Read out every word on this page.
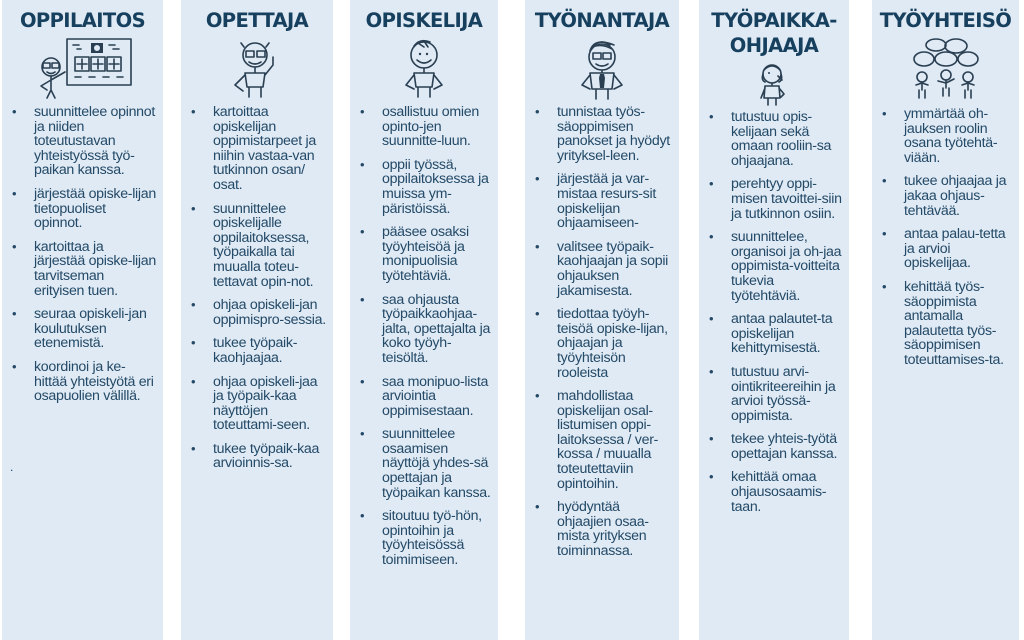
OPPILAITOS
• suunnittelee opinnot ja niiden toteutustavan yhteistyössä työ-paikan kanssa.
• järjestää opiske-lijan tietopuoliset opinnot.
• kartoittaa ja järjestää opiske-lijan tarvitseman erityisen tuen.
• seuraa opiskeli-jan koulutuksen etenemistä.
• koordinoi ja ke-hittää yhteistyötä eri osapuolien välillä.
.
OPETTAJA
• kartoittaa opiskelijan oppimistarpeet ja niihin vastaa-van tutkinnon osan/ osat.
• suunnittelee opiskelijalle oppilaitoksessa, työpaikalla tai muualla toteu-tettavat opin-not.
• ohjaa opiskeli-jan oppimispro-sessia.
• tukee työpaik-kaohjaajaa.
• ohjaa opiskeli-jaa ja työpaik-kaa näyttöjen toteuttami-seen.
• tukee työpaik-kaa arvioinnis-sa.
OPISKELIJA
• osallistuu omien opinto-jen suunnitte-luun.
• oppii työssä, oppilaitoksessa ja muissa ym-päristöissä.
• pääsee osaksi työyhteisöä ja monipuolisia työtehtäviä.
• saa ohjausta työpaikkaohjaa-jalta, opettajalta ja koko työyh-teisöltä.
• saa monipuo-lista arviointia oppimisestaan.
• suunnittelee osaamisen näyttöjä yhdes-sä opettajan ja työpaikan kanssa.
• sitoutuu työ-hön, opintoihin ja työyhteisössä toimimiseen.
TYÖNANTAJA
• tunnistaa työs-säoppimisen panokset ja hyödyt yrityksel-leen.
• järjestää ja var-mistaa resurs-sit opiskelijan ohjaamiseen-
• valitsee työpaik-kaohjaajan ja sopii ohjauksen jakamisesta.
• tiedottaa työyh-teisöä opiske-lijan, ohjaajan ja työyhteisön rooleista
• mahdollistaa opiskelijan osal-listumisen oppi-laitoksessa / ver-kossa / muualla toteutettaviin opintoihin.
• hyödyntää ohjaajien osaa-mista yrityksen toiminnassa.
TYÖPAIKKA-
OHJAAJA
• tutustuu opis-kelijaan sekä omaan rooliin-sa ohjaajana.
• perehtyy oppi-misen tavoittei-siin ja tutkinnon osiin.
• suunnittelee, organisoi ja oh-jaa oppimista-voitteita tukevia työtehtäviä.
• antaa palautet-ta opiskelijan kehittymisestä.
• tutustuu arvi-ointikriteereihin ja arvioi työssä-oppimista.
• tekee yhteis-työtä opettajan kanssa.
• kehittää omaa ohjausosaamis-taan.
TYÖYHTEISÖ
• ymmärtää oh-jauksen roolin osana työtehtä-viään.
• tukee ohjaajaa ja jakaa ohjaus-tehtävää.
• antaa palau-tetta ja arvioi opiskelijaa.
• kehittää työs-säoppimista antamalla palautetta työs-säoppimisen toteuttamises-ta.
